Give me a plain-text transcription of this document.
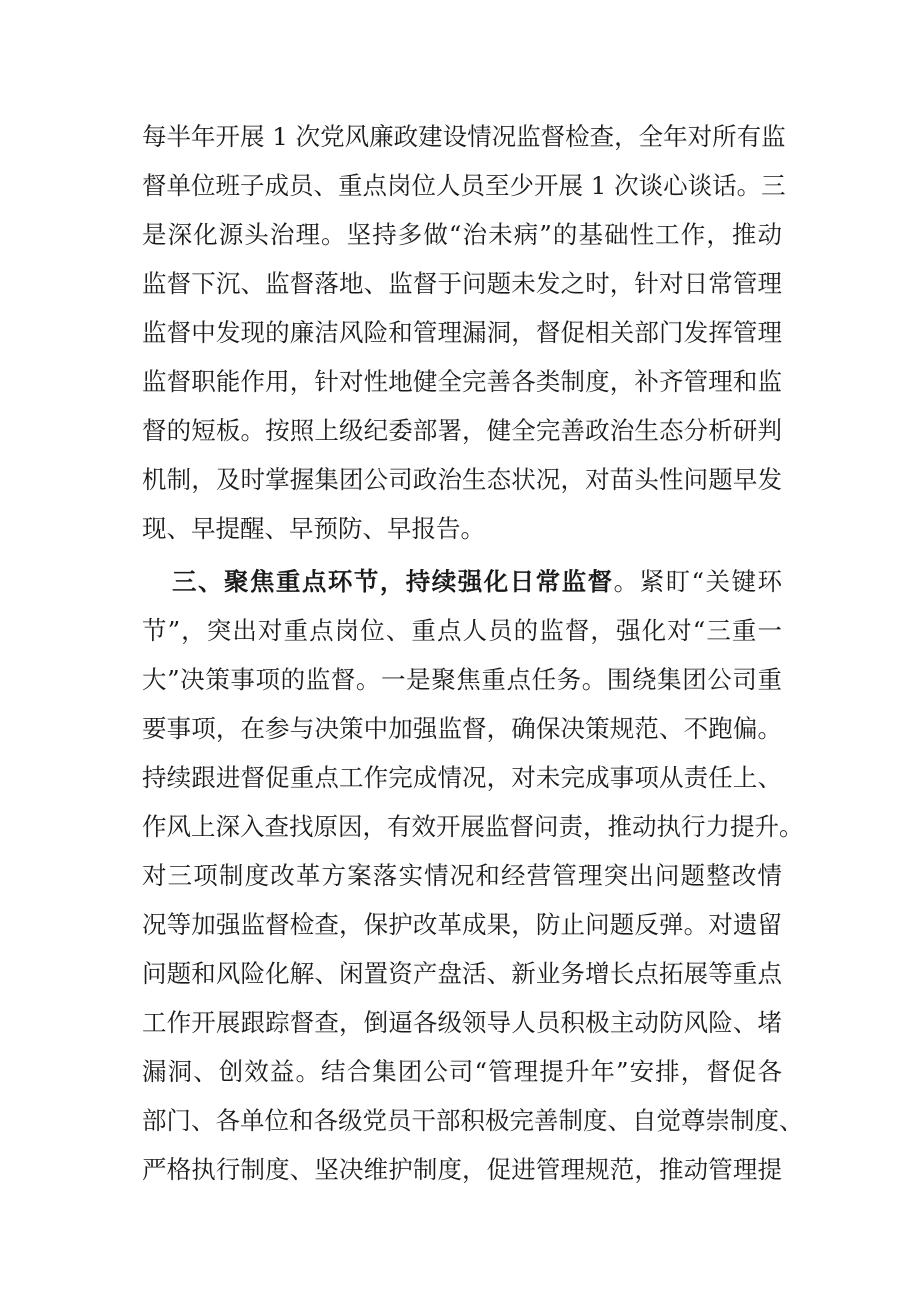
每半年开展 1 次党风廉政建设情况监督检查，全年对所有监
督单位班子成员、重点岗位人员至少开展 1 次谈心谈话。三
是深化源头治理。坚持多做“治未病”的基础性工作，推动
监督下沉、监督落地、监督于问题未发之时，针对日常管理
监督中发现的廉洁风险和管理漏洞，督促相关部门发挥管理
监督职能作用，针对性地健全完善各类制度，补齐管理和监
督的短板。按照上级纪委部署，健全完善政治生态分析研判
机制，及时掌握集团公司政治生态状况，对苗头性问题早发
现、早提醒、早预防、早报告。
三、聚焦重点环节，持续强化日常监督。紧盯“关键环
节”，突出对重点岗位、重点人员的监督，强化对“三重一
大”决策事项的监督。一是聚焦重点任务。围绕集团公司重
要事项，在参与决策中加强监督，确保决策规范、不跑偏。
持续跟进督促重点工作完成情况，对未完成事项从责任上、
作风上深入查找原因，有效开展监督问责，推动执行力提升。
对三项制度改革方案落实情况和经营管理突出问题整改情
况等加强监督检查，保护改革成果，防止问题反弹。对遗留
问题和风险化解、闲置资产盘活、新业务增长点拓展等重点
工作开展跟踪督查，倒逼各级领导人员积极主动防风险、堵
漏洞、创效益。结合集团公司“管理提升年”安排，督促各
部门、各单位和各级党员干部积极完善制度、自觉尊崇制度、
严格执行制度、坚决维护制度，促进管理规范，推动管理提
